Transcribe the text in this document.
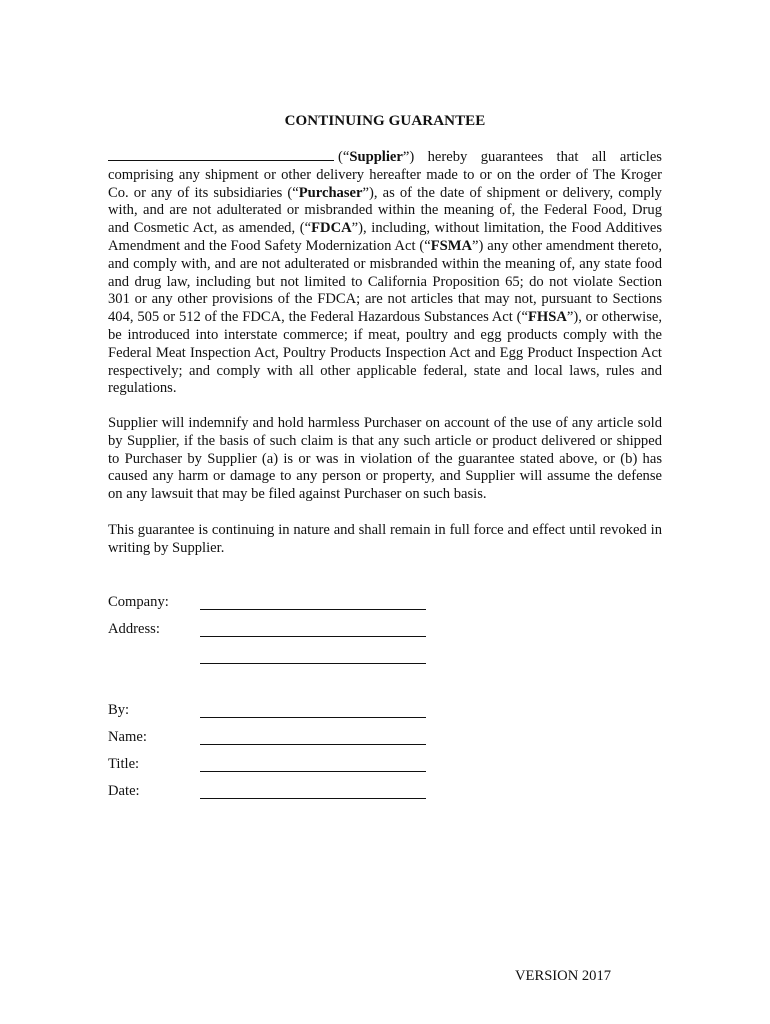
CONTINUING GUARANTEE
(“Supplier”) hereby guarantees that all articles comprising any shipment or other delivery hereafter made to or on the order of The Kroger Co. or any of its subsidiaries (“Purchaser”), as of the date of shipment or delivery, comply with, and are not adulterated or misbranded within the meaning of, the Federal Food, Drug and Cosmetic Act, as amended, (“FDCA”), including, without limitation, the Food Additives Amendment and the Food Safety Modernization Act (“FSMA”) any other amendment thereto, and comply with, and are not adulterated or misbranded within the meaning of, any state food and drug law, including but not limited to California Proposition 65; do not violate Section 301 or any other provisions of the FDCA; are not articles that may not, pursuant to Sections 404, 505 or 512 of the FDCA, the Federal Hazardous Substances Act (“FHSA”), or otherwise, be introduced into interstate commerce; if meat, poultry and egg products comply with the Federal Meat Inspection Act, Poultry Products Inspection Act and Egg Product Inspection Act respectively; and comply with all other applicable federal, state and local laws, rules and regulations.
Supplier will indemnify and hold harmless Purchaser on account of the use of any article sold by Supplier, if the basis of such claim is that any such article or product delivered or shipped to Purchaser by Supplier (a) is or was in violation of the guarantee stated above, or (b) has caused any harm or damage to any person or property, and Supplier will assume the defense on any lawsuit that may be filed against Purchaser on such basis.
This guarantee is continuing in nature and shall remain in full force and effect until revoked in writing by Supplier.
Company:
Address:
By:
Name:
Title:
Date:
VERSION 2017
